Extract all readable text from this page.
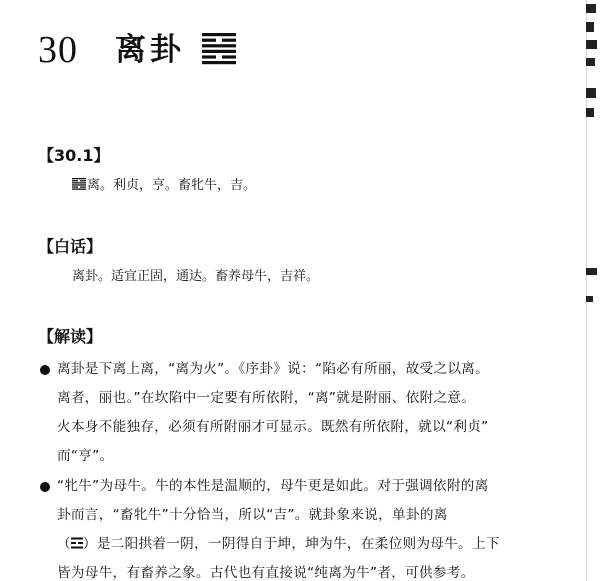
30 离卦
【30.1】
离。利贞，亨。畜牝牛，吉。
【白话】
离卦。适宜正固，通达。畜养母牛，吉祥。
【解读】
离卦是下离上离，“离为火”。《序卦》说：“陷必有所丽，故受之以离。
离者，丽也。”在坎陷中一定要有所依附，“离”就是附丽、依附之意。
火本身不能独存，必须有所附丽才可显示。既然有所依附，就以“利贞”
而“亨”。
“牝牛”为母牛。牛的本性是温顺的，母牛更是如此。对于强调依附的离
卦而言，“畜牝牛”十分恰当，所以“吉”。就卦象来说，单卦的离
（ ）是二阳拱着一阴，一阴得自于坤，坤为牛，在柔位则为母牛。上下
皆为母牛，有畜养之象。古代也有直接说“纯离为牛”者，可供参考。
